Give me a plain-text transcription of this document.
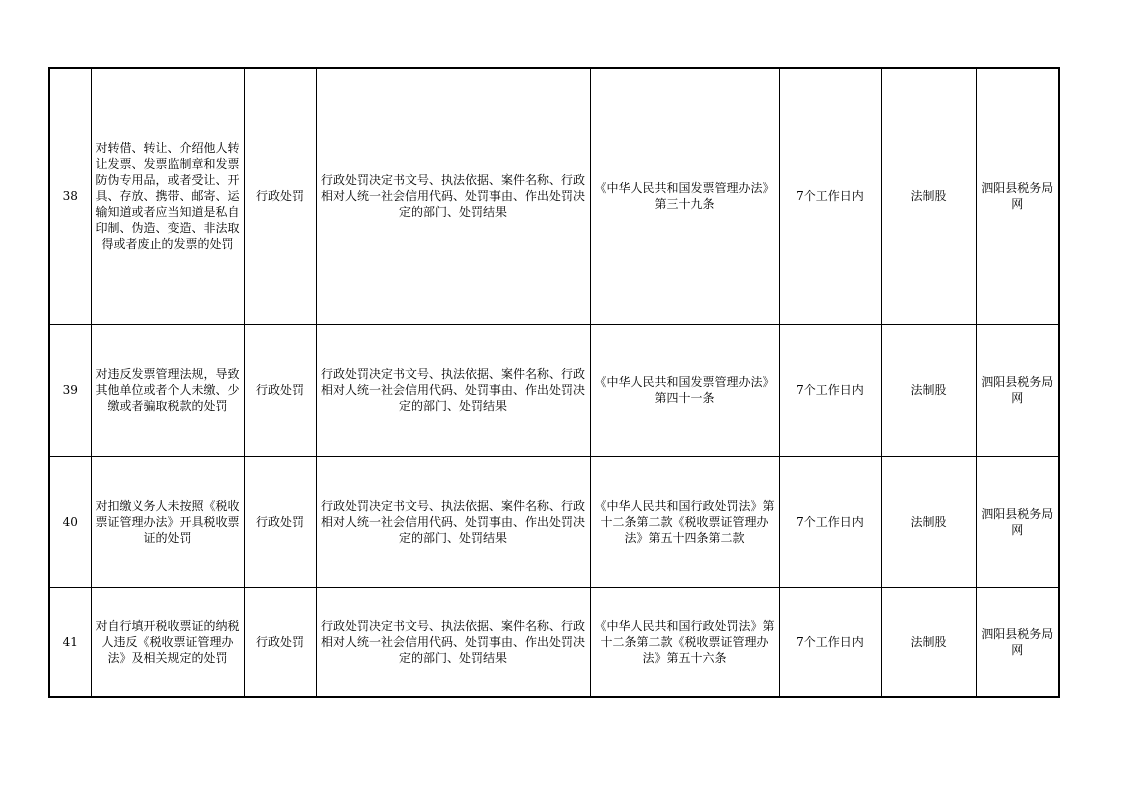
38	对转借、转让、介绍他人转让发票、发票监制章和发票防伪专用品，或者受让、开具、存放、携带、邮寄、运输知道或者应当知道是私自印制、伪造、变造、非法取得或者废止的发票的处罚	行政处罚	行政处罚决定书文号、执法依据、案件名称、行政相对人统一社会信用代码、处罚事由、作出处罚决定的部门、处罚结果	《中华人民共和国发票管理办法》第三十九条	7个工作日内	法制股	泗阳县税务局网
39	对违反发票管理法规，导致其他单位或者个人未缴、少缴或者骗取税款的处罚	行政处罚	行政处罚决定书文号、执法依据、案件名称、行政相对人统一社会信用代码、处罚事由、作出处罚决定的部门、处罚结果	《中华人民共和国发票管理办法》第四十一条	7个工作日内	法制股	泗阳县税务局网
40	对扣缴义务人未按照《税收票证管理办法》开具税收票证的处罚	行政处罚	行政处罚决定书文号、执法依据、案件名称、行政相对人统一社会信用代码、处罚事由、作出处罚决定的部门、处罚结果	《中华人民共和国行政处罚法》第十二条第二款《税收票证管理办法》第五十四条第二款	7个工作日内	法制股	泗阳县税务局网
41	对自行填开税收票证的纳税人违反《税收票证管理办法》及相关规定的处罚	行政处罚	行政处罚决定书文号、执法依据、案件名称、行政相对人统一社会信用代码、处罚事由、作出处罚决定的部门、处罚结果	《中华人民共和国行政处罚法》第十二条第二款《税收票证管理办法》第五十六条	7个工作日内	法制股	泗阳县税务局网
